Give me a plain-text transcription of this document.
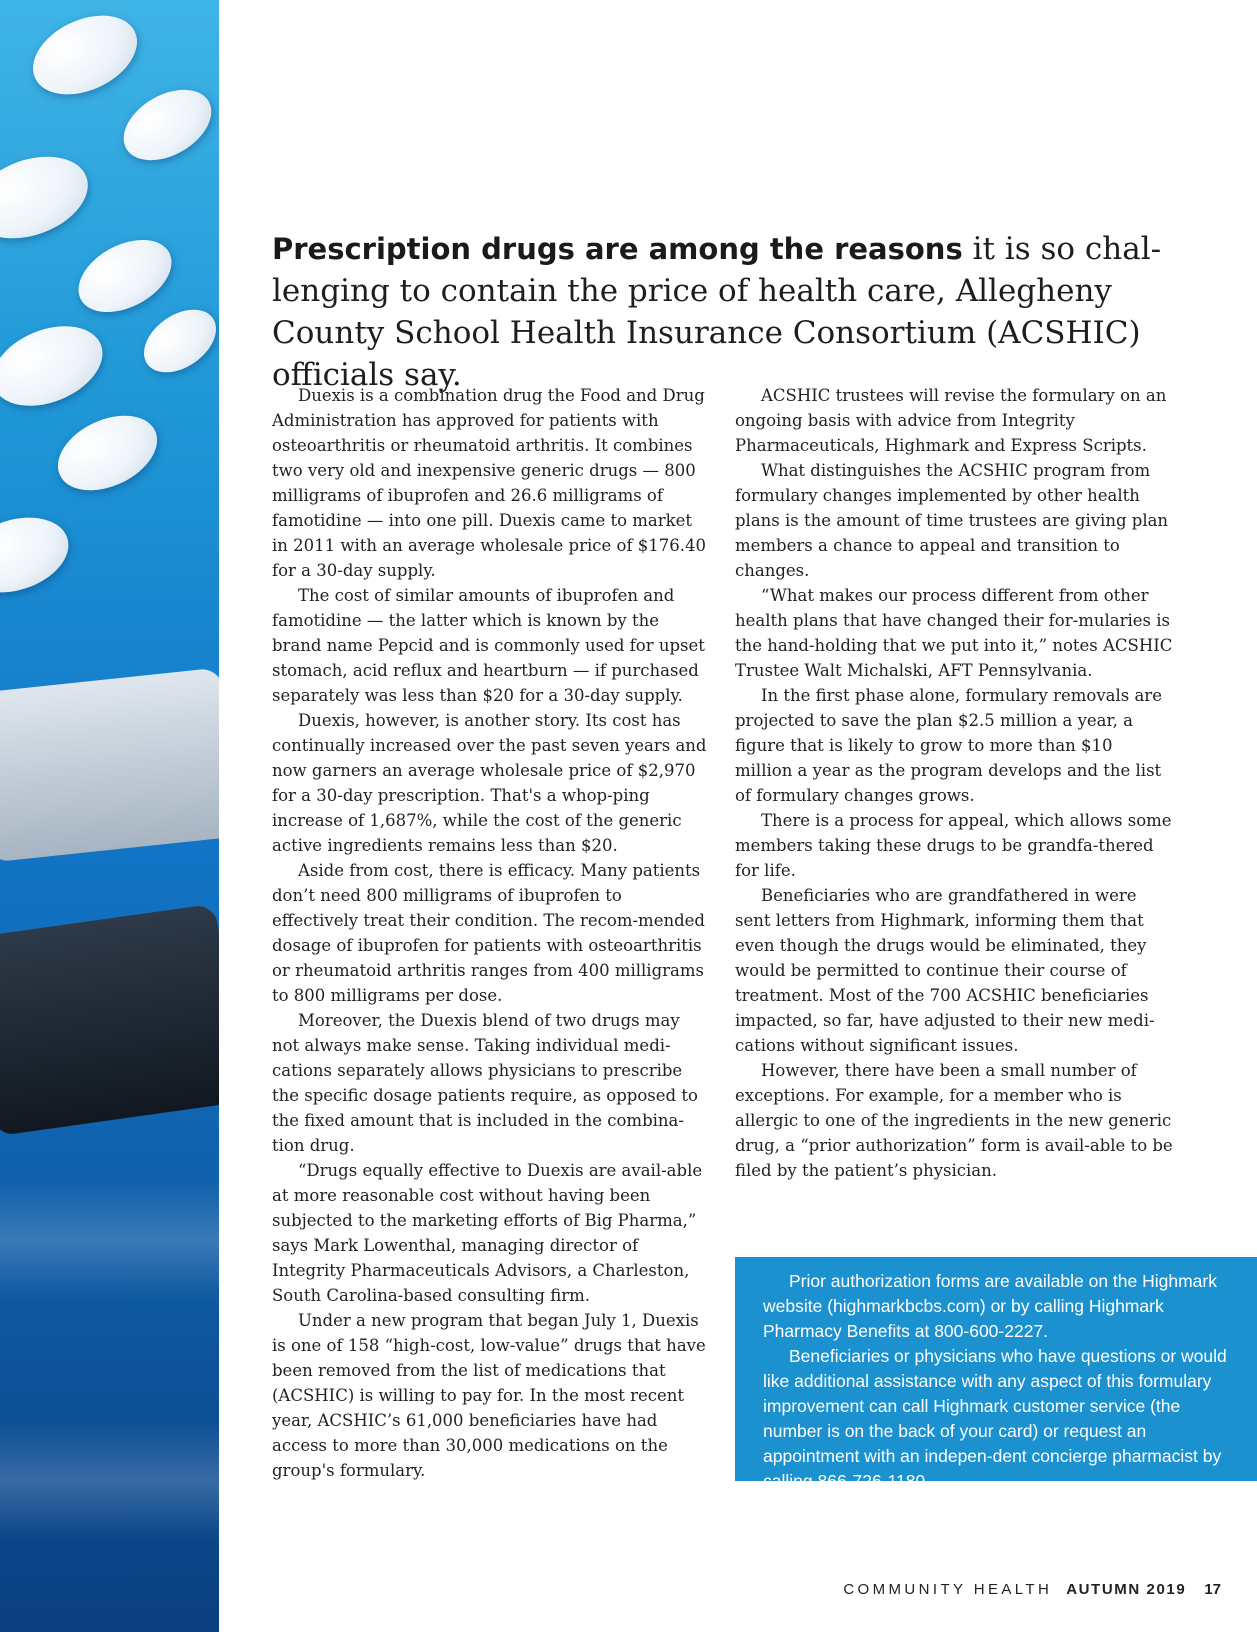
Prescription drugs are among the reasons it is so chal-lenging to contain the price of health care, Allegheny County School Health Insurance Consortium (ACSHIC) officials say.

Duexis is a combination drug the Food and Drug Administration has approved for patients with osteoarthritis or rheumatoid arthritis. It combines two very old and inexpensive generic drugs — 800 milligrams of ibuprofen and 26.6 milligrams of famotidine — into one pill. Duexis came to market in 2011 with an average wholesale price of $176.40 for a 30-day supply.

The cost of similar amounts of ibuprofen and famotidine — the latter which is known by the brand name Pepcid and is commonly used for upset stomach, acid reflux and heartburn — if purchased separately was less than $20 for a 30-day supply.

Duexis, however, is another story. Its cost has continually increased over the past seven years and now garners an average wholesale price of $2,970 for a 30-day prescription. That's a whop-ping increase of 1,687%, while the cost of the generic active ingredients remains less than $20.

Aside from cost, there is efficacy. Many patients don’t need 800 milligrams of ibuprofen to effectively treat their condition. The recom-mended dosage of ibuprofen for patients with osteoarthritis or rheumatoid arthritis ranges from 400 milligrams to 800 milligrams per dose.

Moreover, the Duexis blend of two drugs may not always make sense. Taking individual medi-cations separately allows physicians to prescribe the specific dosage patients require, as opposed to the fixed amount that is included in the combina-tion drug.

“Drugs equally effective to Duexis are avail-able at more reasonable cost without having been subjected to the marketing efforts of Big Pharma,” says Mark Lowenthal, managing director of Integrity Pharmaceuticals Advisors, a Charleston, South Carolina-based consulting firm.

Under a new program that began July 1, Duexis is one of 158 “high-cost, low-value” drugs that have been removed from the list of medications that (ACSHIC) is willing to pay for. In the most recent year, ACSHIC’s 61,000 beneficiaries have had access to more than 30,000 medications on the group's formulary.

ACSHIC trustees will revise the formulary on an ongoing basis with advice from Integrity Pharmaceuticals, Highmark and Express Scripts.

What distinguishes the ACSHIC program from formulary changes implemented by other health plans is the amount of time trustees are giving plan members a chance to appeal and transition to changes.

“What makes our process different from other health plans that have changed their for-mularies is the hand-holding that we put into it,” notes ACSHIC Trustee Walt Michalski, AFT Pennsylvania.

In the first phase alone, formulary removals are projected to save the plan $2.5 million a year, a figure that is likely to grow to more than $10 million a year as the program develops and the list of formulary changes grows.

There is a process for appeal, which allows some members taking these drugs to be grandfa-thered for life.

Beneficiaries who are grandfathered in were sent letters from Highmark, informing them that even though the drugs would be eliminated, they would be permitted to continue their course of treatment. Most of the 700 ACSHIC beneficiaries impacted, so far, have adjusted to their new medi-cations without significant issues.

However, there have been a small number of exceptions. For example, for a member who is allergic to one of the ingredients in the new generic drug, a “prior authorization” form is avail-able to be filed by the patient’s physician.

Prior authorization forms are available on the Highmark website (highmarkbcbs.com) or by calling Highmark Pharmacy Benefits at 800-600-2227.

Beneficiaries or physicians who have questions or would like additional assistance with any aspect of this formulary improvement can call Highmark customer service (the number is on the back of your card) or request an appointment with an indepen-dent concierge pharmacist by calling 866-726-1180.

COMMUNITY HEALTH AUTUMN 2019 17
